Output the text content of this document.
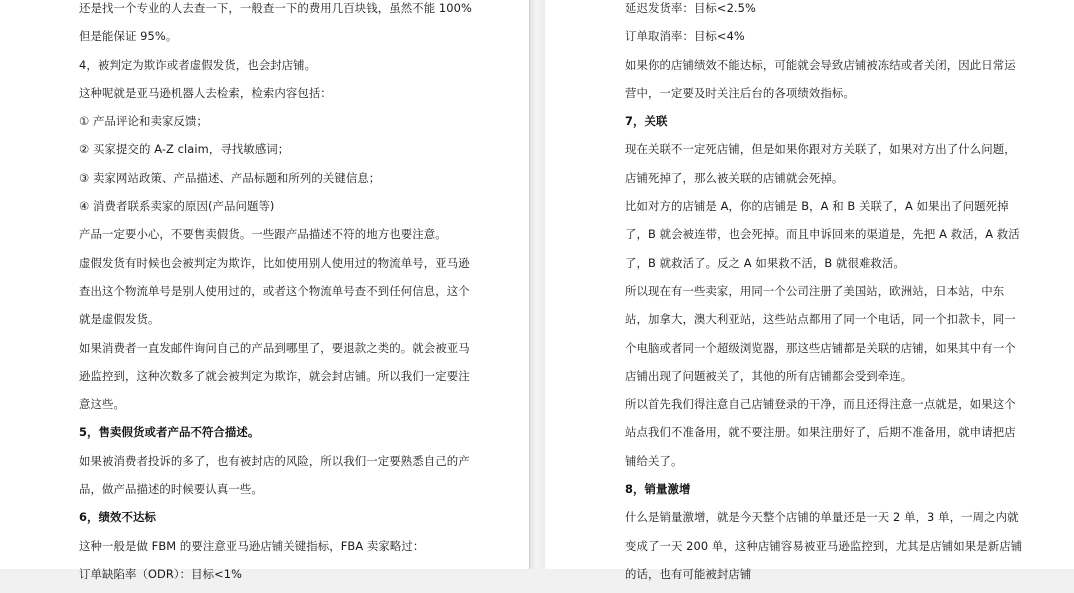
还是找一个专业的人去查一下，一般查一下的费用几百块钱，虽然不能 100%

但是能保证 95%。

4，被判定为欺诈或者虚假发货，也会封店铺。

这种呢就是亚马逊机器人去检索，检索内容包括：

① 产品评论和卖家反馈；

② 买家提交的 A-Z claim，寻找敏感词；

③ 卖家网站政策、产品描述、产品标题和所列的关键信息；

④ 消费者联系卖家的原因(产品问题等)

产品一定要小心，不要售卖假货。一些跟产品描述不符的地方也要注意。

虚假发货有时候也会被判定为欺诈，比如使用别人使用过的物流单号，亚马逊

查出这个物流单号是别人使用过的，或者这个物流单号查不到任何信息，这个

就是虚假发货。

如果消费者一直发邮件询问自己的产品到哪里了，要退款之类的。就会被亚马

逊监控到，这种次数多了就会被判定为欺诈，就会封店铺。所以我们一定要注

意这些。

5，售卖假货或者产品不符合描述。

如果被消费者投诉的多了，也有被封店的风险，所以我们一定要熟悉自己的产

品，做产品描述的时候要认真一些。

6，绩效不达标

这种一般是做 FBM 的要注意亚马逊店铺关键指标，FBA 卖家略过：

订单缺陷率（ODR）：目标<1%

延迟发货率：目标<2.5%

订单取消率：目标<4%

如果你的店铺绩效不能达标，可能就会导致店铺被冻结或者关闭，因此日常运

营中，一定要及时关注后台的各项绩效指标。

7，关联

现在关联不一定死店铺，但是如果你跟对方关联了，如果对方出了什么问题，

店铺死掉了，那么被关联的店铺就会死掉。

比如对方的店铺是 A，你的店铺是 B，A 和 B 关联了，A 如果出了问题死掉

了，B 就会被连带，也会死掉。而且申诉回来的渠道是，先把 A 救活，A 救活

了，B 就救活了。反之 A 如果救不活，B 就很难救活。

所以现在有一些卖家，用同一个公司注册了美国站，欧洲站，日本站，中东

站，加拿大，澳大利亚站，这些站点都用了同一个电话，同一个扣款卡，同一

个电脑或者同一个超级浏览器，那这些店铺都是关联的店铺，如果其中有一个

店铺出现了问题被关了，其他的所有店铺都会受到牵连。

所以首先我们得注意自己店铺登录的干净，而且还得注意一点就是，如果这个

站点我们不准备用，就不要注册。如果注册好了，后期不准备用，就申请把店

铺给关了。

8，销量激增

什么是销量激增，就是今天整个店铺的单量还是一天 2 单，3 单，一周之内就

变成了一天 200 单，这种店铺容易被亚马逊监控到，尤其是店铺如果是新店铺

的话，也有可能被封店铺
